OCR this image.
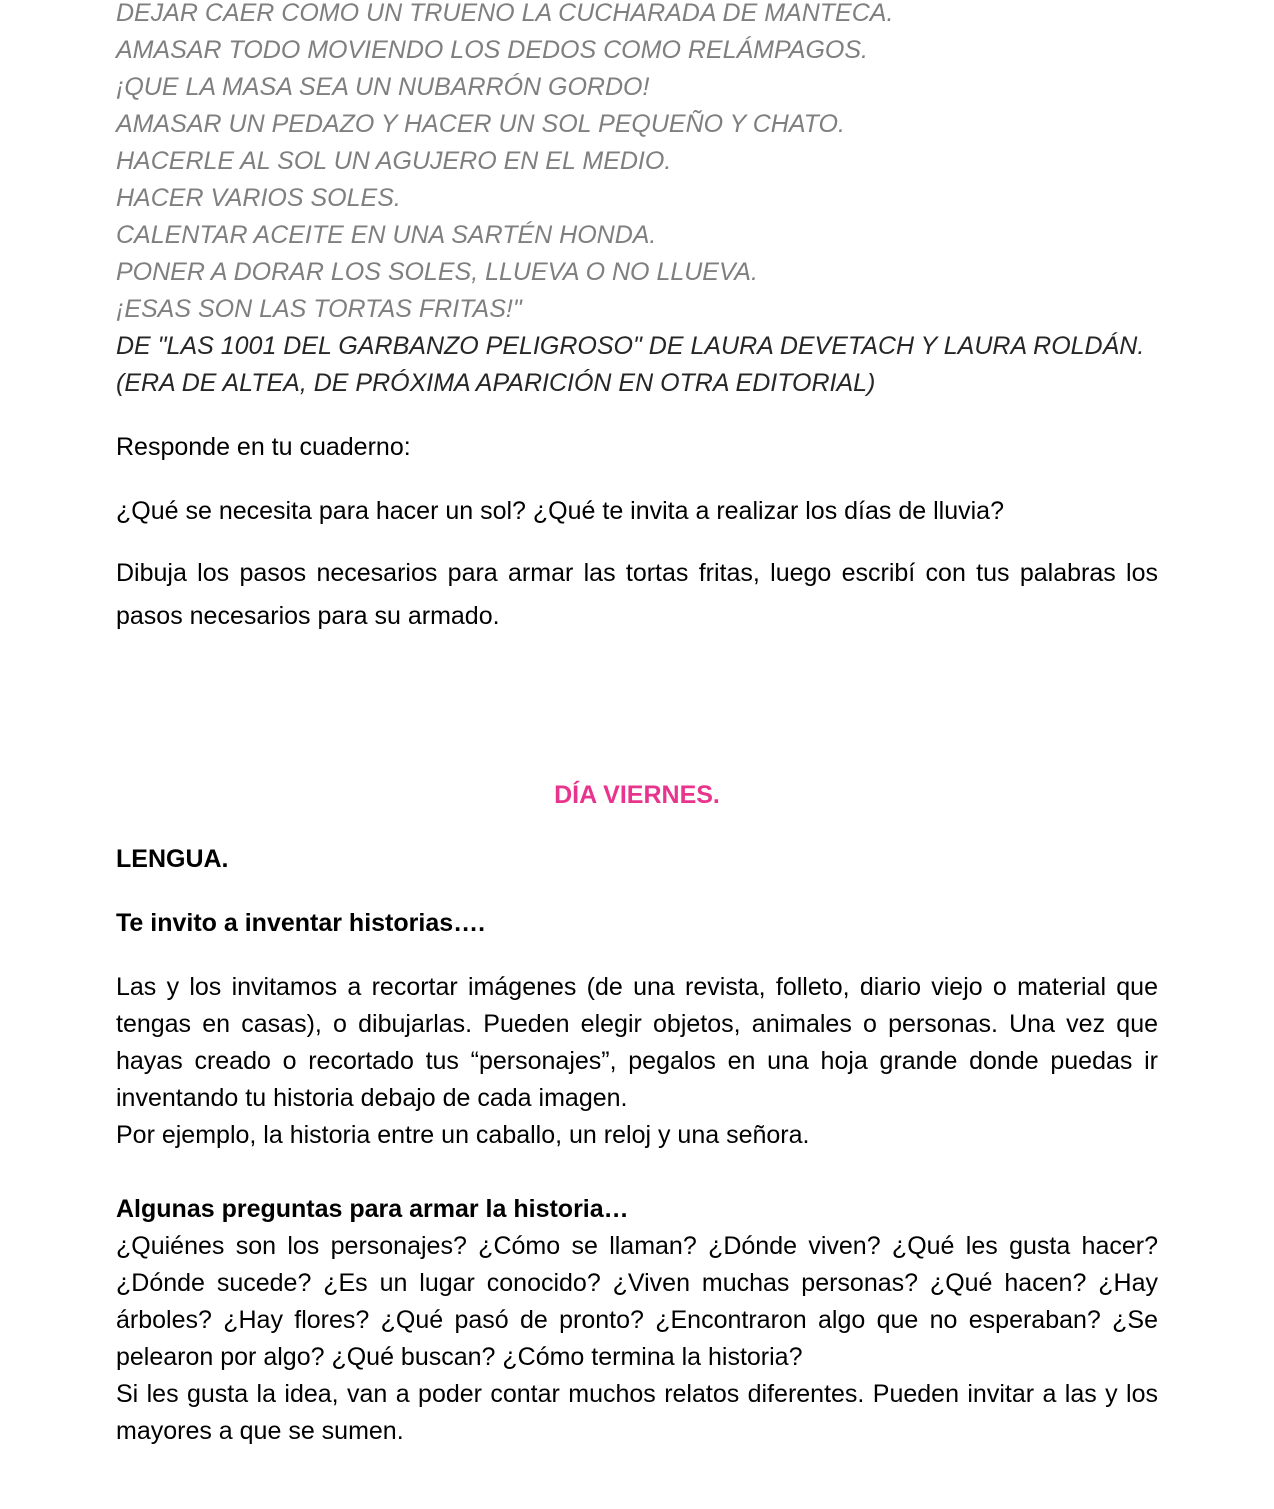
DEJAR CAER COMO UN TRUENO LA CUCHARADA DE MANTECA.
AMASAR TODO MOVIENDO LOS DEDOS COMO RELÁMPAGOS.
¡QUE LA MASA SEA UN NUBARRÓN GORDO!
AMASAR UN PEDAZO Y HACER UN SOL PEQUEÑO Y CHATO.
HACERLE AL SOL UN AGUJERO EN EL MEDIO.
HACER VARIOS SOLES.
CALENTAR ACEITE EN UNA SARTÉN HONDA.
PONER A DORAR LOS SOLES, LLUEVA O NO LLUEVA.
¡ESAS SON LAS TORTAS FRITAS!"
DE "LAS 1001 DEL GARBANZO PELIGROSO" DE LAURA DEVETACH Y LAURA ROLDÁN.
(ERA DE ALTEA, DE PRÓXIMA APARICIÓN EN OTRA EDITORIAL)

Responde en tu cuaderno:

¿Qué se necesita para hacer un sol? ¿Qué te invita a realizar los días de lluvia?

Dibuja los pasos necesarios para armar las tortas fritas, luego escribí con tus palabras los pasos necesarios para su armado.

DÍA VIERNES.

LENGUA.

Te invito a inventar historias….

Las y los invitamos a recortar imágenes (de una revista, folleto, diario viejo o material que tengas en casas), o dibujarlas. Pueden elegir objetos, animales o personas. Una vez que hayas creado o recortado tus “personajes”, pegalos en una hoja grande donde puedas ir inventando tu historia debajo de cada imagen.

Por ejemplo, la historia entre un caballo, un reloj y una señora.

Algunas preguntas para armar la historia…

¿Quiénes son los personajes? ¿Cómo se llaman? ¿Dónde viven? ¿Qué les gusta hacer? ¿Dónde sucede? ¿Es un lugar conocido? ¿Viven muchas personas? ¿Qué hacen? ¿Hay árboles? ¿Hay flores? ¿Qué pasó de pronto? ¿Encontraron algo que no esperaban? ¿Se pelearon por algo? ¿Qué buscan? ¿Cómo termina la historia?

Si les gusta la idea, van a poder contar muchos relatos diferentes. Pueden invitar a las y los mayores a que se sumen.
